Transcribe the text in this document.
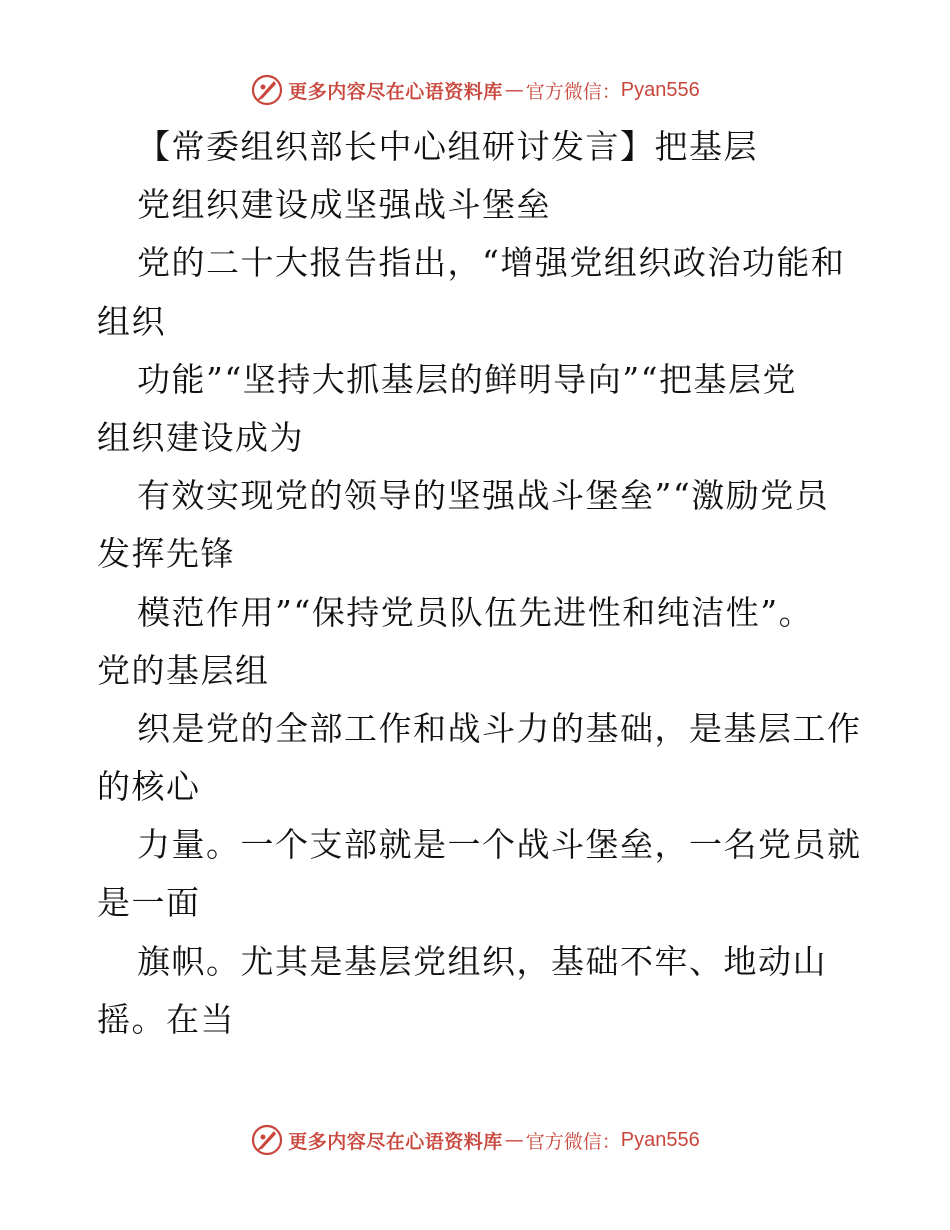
更多内容尽在心语资料库 — 官方微信： Pyan556
【常委组织部长中心组研讨发言】把基层
党组织建设成坚强战斗堡垒
党的二十大报告指出，“增强党组织政治功能和
组织
功能”“坚持大抓基层的鲜明导向”“把基层党
组织建设成为
有效实现党的领导的坚强战斗堡垒”“激励党员
发挥先锋
模范作用”“保持党员队伍先进性和纯洁性”。
党的基层组
织是党的全部工作和战斗力的基础，是基层工作
的核心
力量。一个支部就是一个战斗堡垒，一名党员就
是一面
旗帜。尤其是基层党组织，基础不牢、地动山
摇。在当
更多内容尽在心语资料库 — 官方微信： Pyan556
